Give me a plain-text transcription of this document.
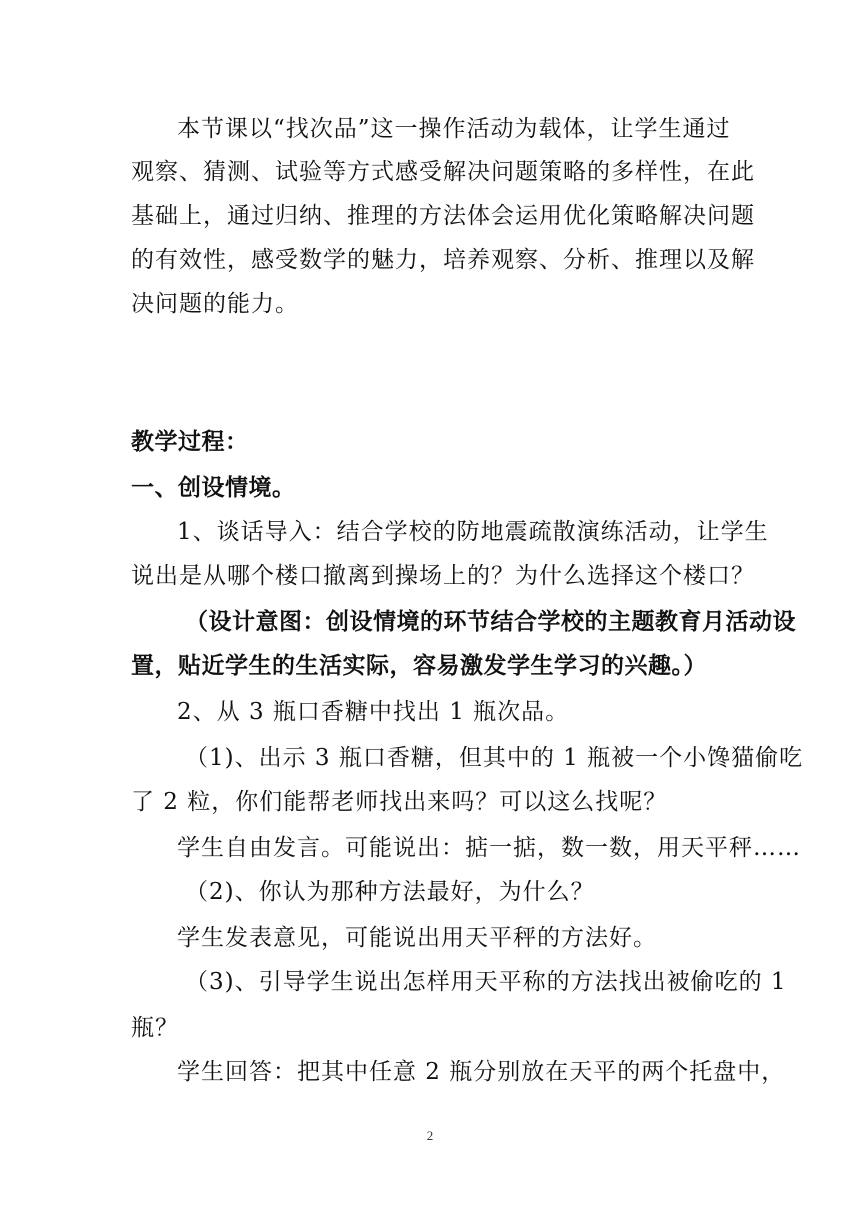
本节课以“找次品”这一操作活动为载体，让学生通过
观察、猜测、试验等方式感受解决问题策略的多样性，在此
基础上，通过归纳、推理的方法体会运用优化策略解决问题
的有效性，感受数学的魅力，培养观察、分析、推理以及解
决问题的能力。
教学过程：
一、创设情境。
1、谈话导入：结合学校的防地震疏散演练活动，让学生
说出是从哪个楼口撤离到操场上的？为什么选择这个楼口？
（设计意图：创设情境的环节结合学校的主题教育月活动设
置，贴近学生的生活实际，容易激发学生学习的兴趣。）
2、从 3 瓶口香糖中找出 1 瓶次品。
（1)、出示 3 瓶口香糖，但其中的 1 瓶被一个小馋猫偷吃
了 2 粒，你们能帮老师找出来吗？可以这么找呢？
学生自由发言。可能说出：掂一掂，数一数，用天平秤……
（2)、你认为那种方法最好，为什么？
学生发表意见，可能说出用天平秤的方法好。
（3)、引导学生说出怎样用天平称的方法找出被偷吃的 1
瓶？
学生回答：把其中任意 2 瓶分别放在天平的两个托盘中，
2
